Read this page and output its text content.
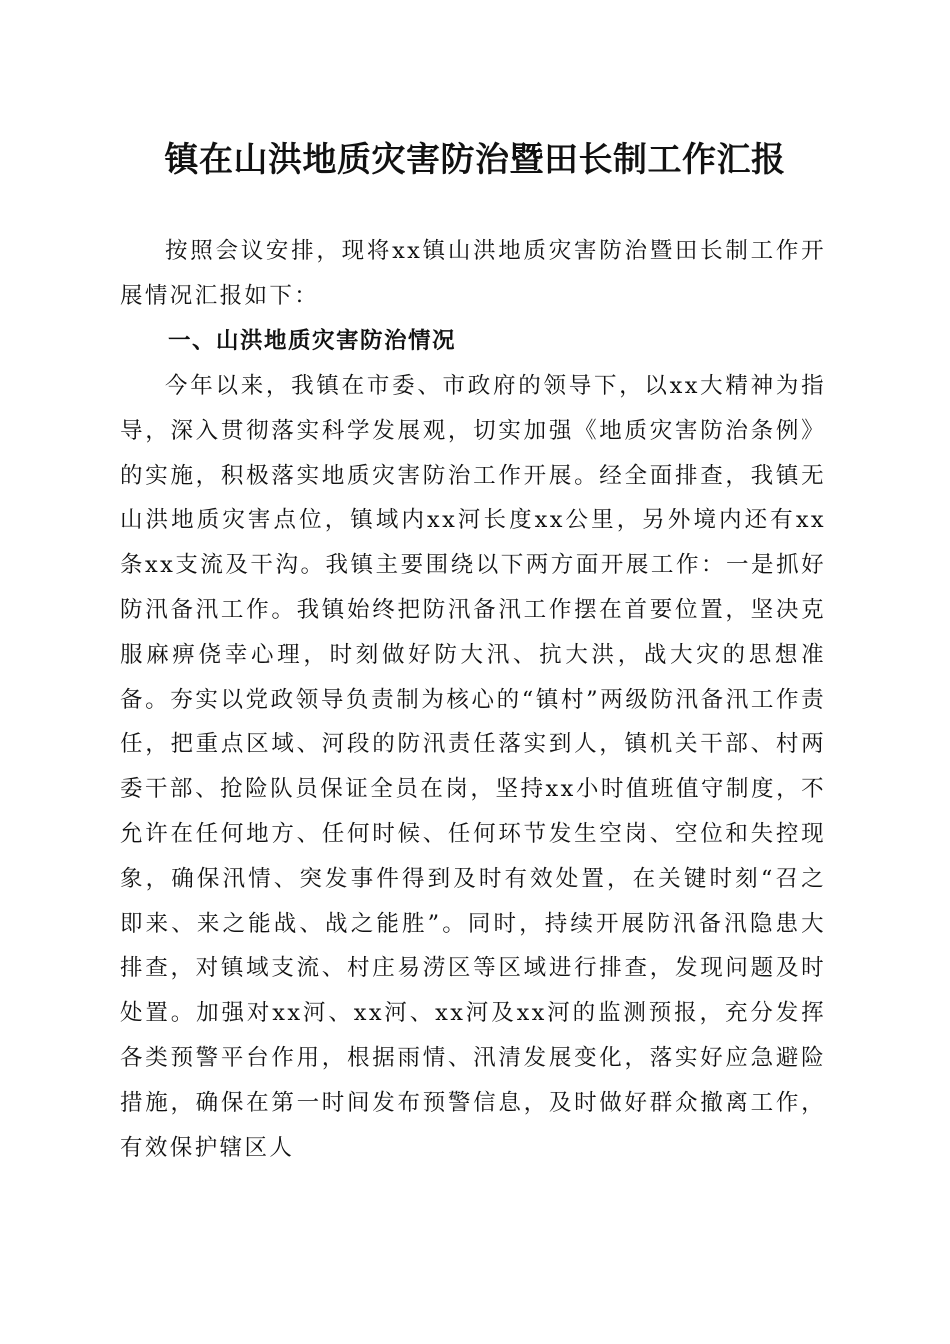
镇在山洪地质灾害防治暨田长制工作汇报

按照会议安排，现将xx镇山洪地质灾害防治暨田长制工作开展情况汇报如下：

一、山洪地质灾害防治情况

今年以来，我镇在市委、市政府的领导下，以xx大精神为指导，深入贯彻落实科学发展观，切实加强《地质灾害防治条例》的实施，积极落实地质灾害防治工作开展。经全面排查，我镇无山洪地质灾害点位，镇域内xx河长度xx公里，另外境内还有xx条xx支流及干沟。我镇主要围绕以下两方面开展工作：一是抓好防汛备汛工作。我镇始终把防汛备汛工作摆在首要位置，坚决克服麻痹侥幸心理，时刻做好防大汛、抗大洪，战大灾的思想准备。夯实以党政领导负责制为核心的“镇村”两级防汛备汛工作责任，把重点区域、河段的防汛责任落实到人，镇机关干部、村两委干部、抢险队员保证全员在岗，坚持xx小时值班值守制度，不允许在任何地方、任何时候、任何环节发生空岗、空位和失控现象，确保汛情、突发事件得到及时有效处置，在关键时刻“召之即来、来之能战、战之能胜”。同时，持续开展防汛备汛隐患大排查，对镇域支流、村庄易涝区等区域进行排查，发现问题及时处置。加强对xx河、xx河、xx河及xx河的监测预报，充分发挥各类预警平台作用，根据雨情、汛清发展变化，落实好应急避险措施，确保在第一时间发布预警信息，及时做好群众撤离工作，有效保护辖区人
